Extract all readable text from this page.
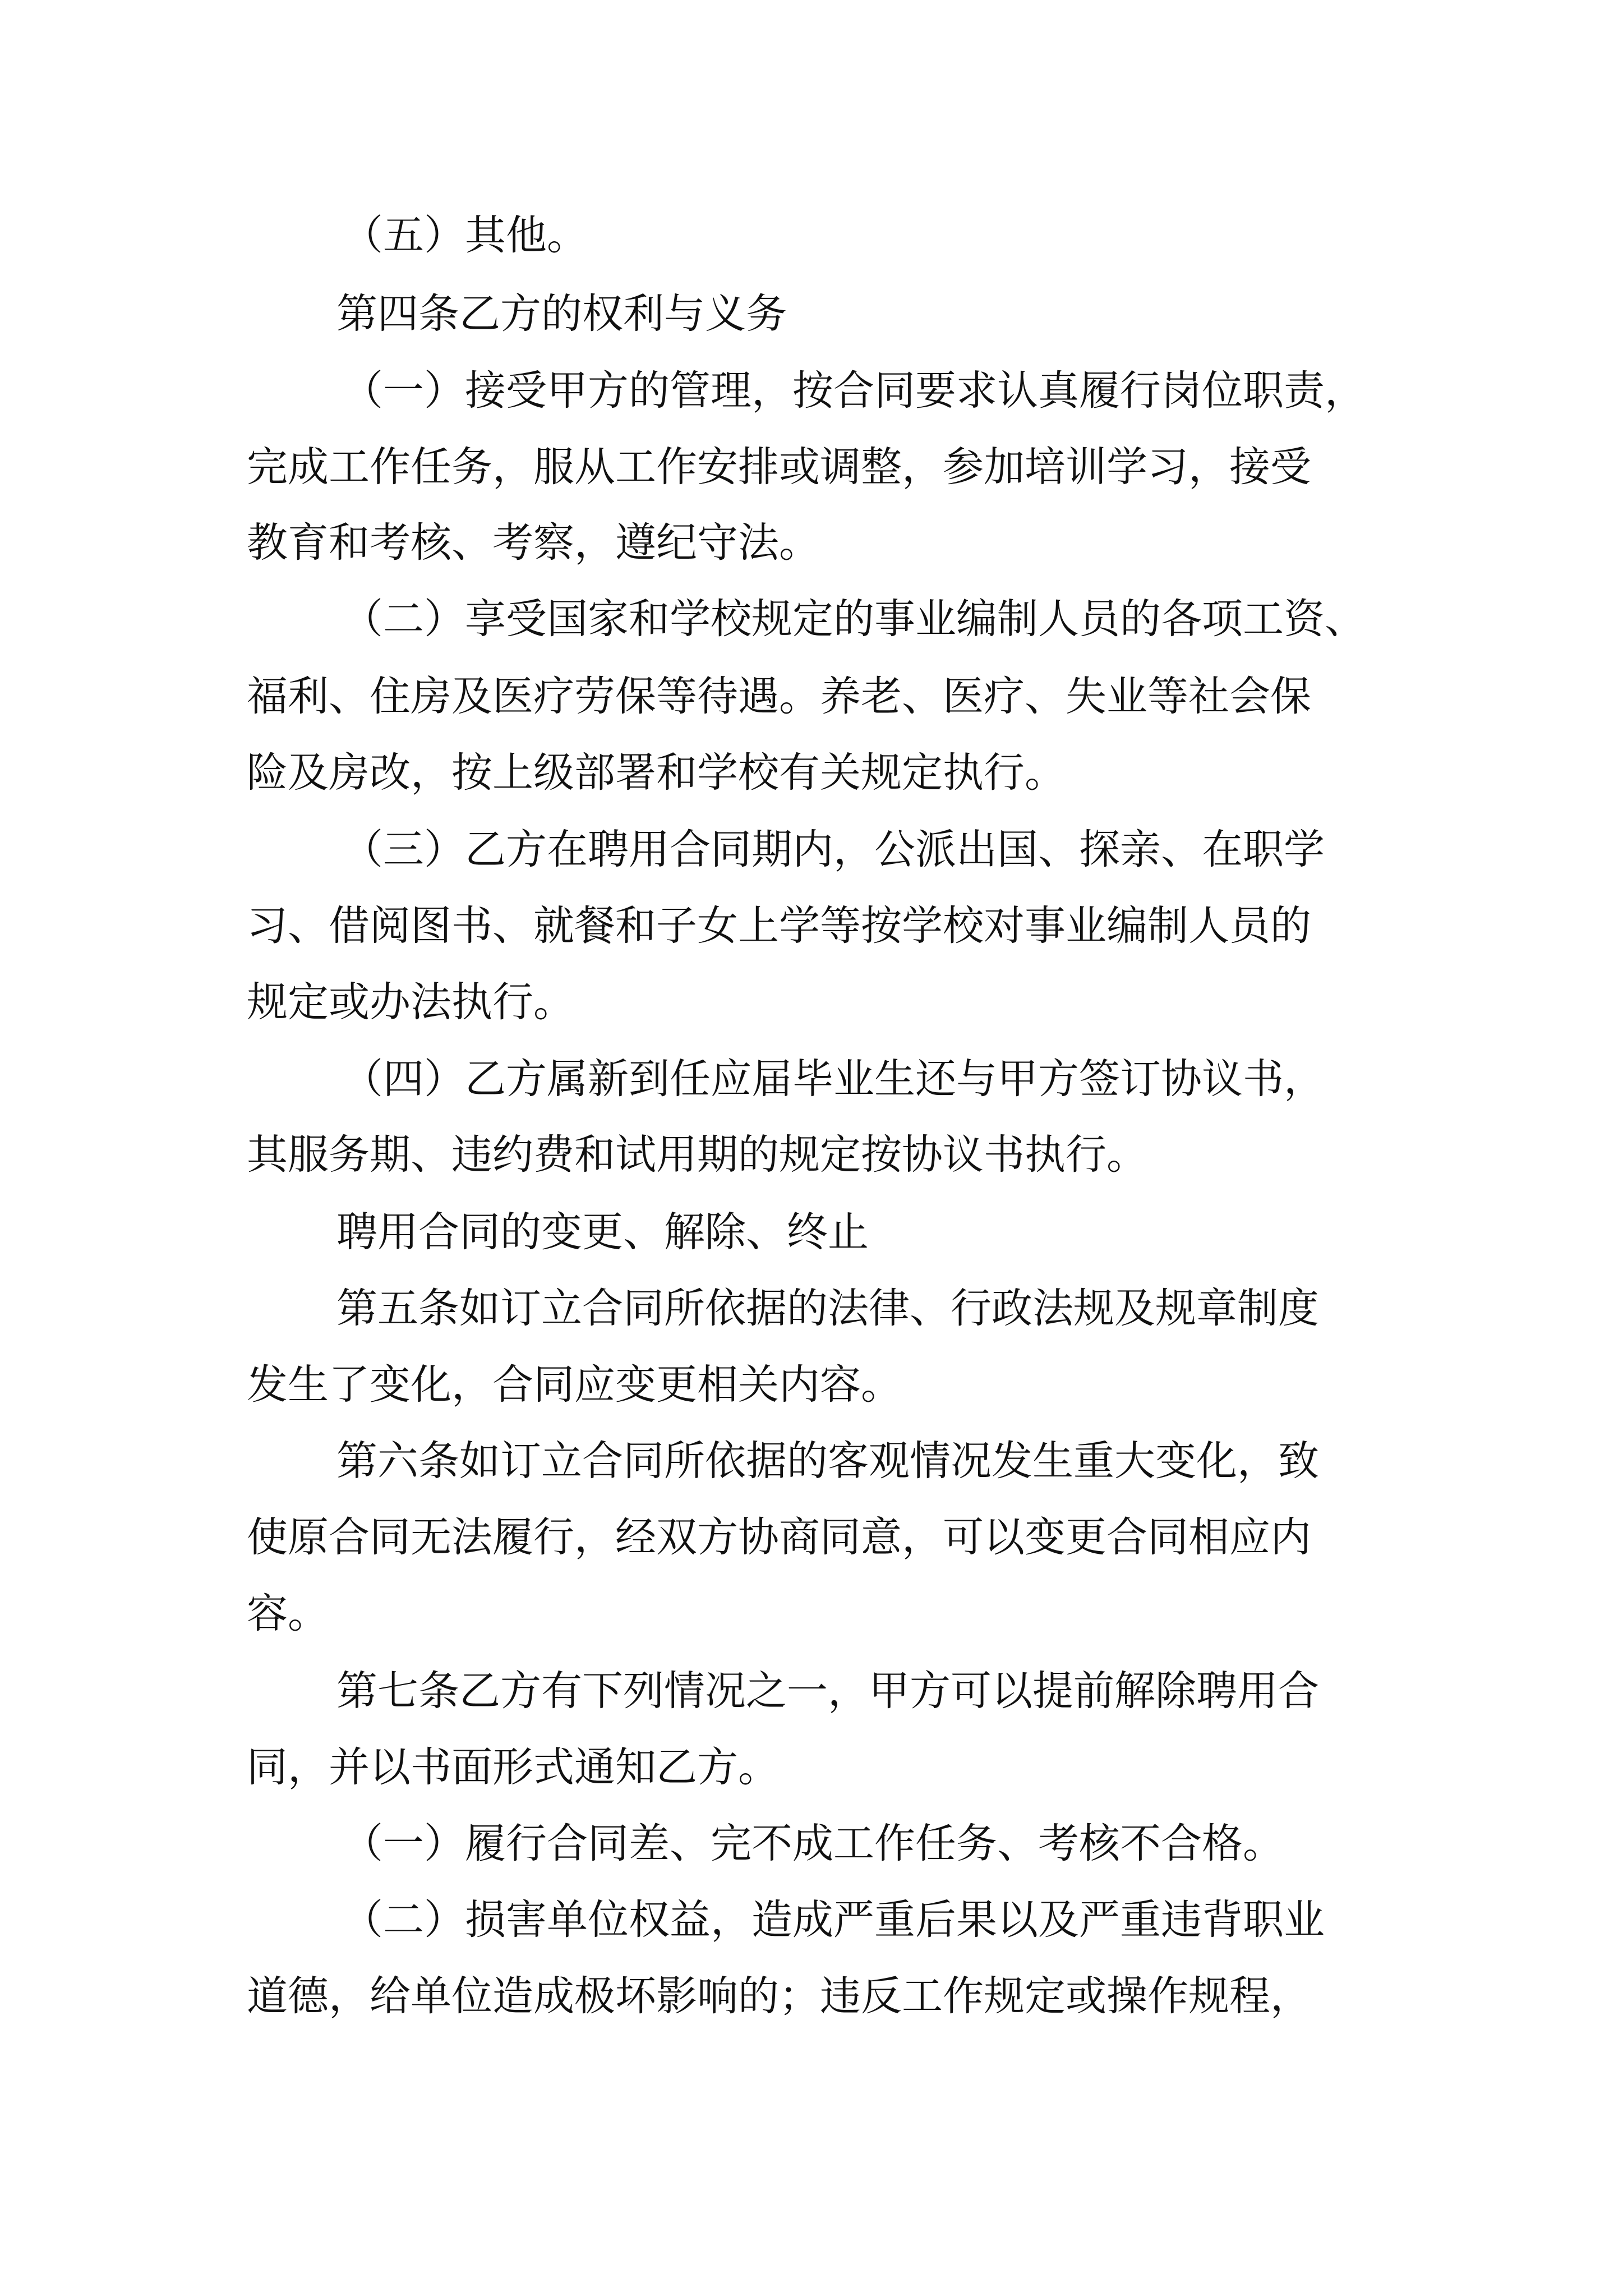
（五）其他。
第四条乙方的权利与义务
（一）接受甲方的管理，按合同要求认真履行岗位职责，
完成工作任务，服从工作安排或调整，参加培训学习，接受
教育和考核、考察，遵纪守法。
（二）享受国家和学校规定的事业编制人员的各项工资、
福利、住房及医疗劳保等待遇。养老、医疗、失业等社会保
险及房改，按上级部署和学校有关规定执行。
（三）乙方在聘用合同期内，公派出国、探亲、在职学
习、借阅图书、就餐和子女上学等按学校对事业编制人员的
规定或办法执行。
（四）乙方属新到任应届毕业生还与甲方签订协议书，
其服务期、违约费和试用期的规定按协议书执行。
聘用合同的变更、解除、终止
第五条如订立合同所依据的法律、行政法规及规章制度
发生了变化，合同应变更相关内容。
第六条如订立合同所依据的客观情况发生重大变化，致
使原合同无法履行，经双方协商同意，可以变更合同相应内
容。
第七条乙方有下列情况之一，甲方可以提前解除聘用合
同，并以书面形式通知乙方。
（一）履行合同差、完不成工作任务、考核不合格。
（二）损害单位权益，造成严重后果以及严重违背职业
道德，给单位造成极坏影响的；违反工作规定或操作规程，
